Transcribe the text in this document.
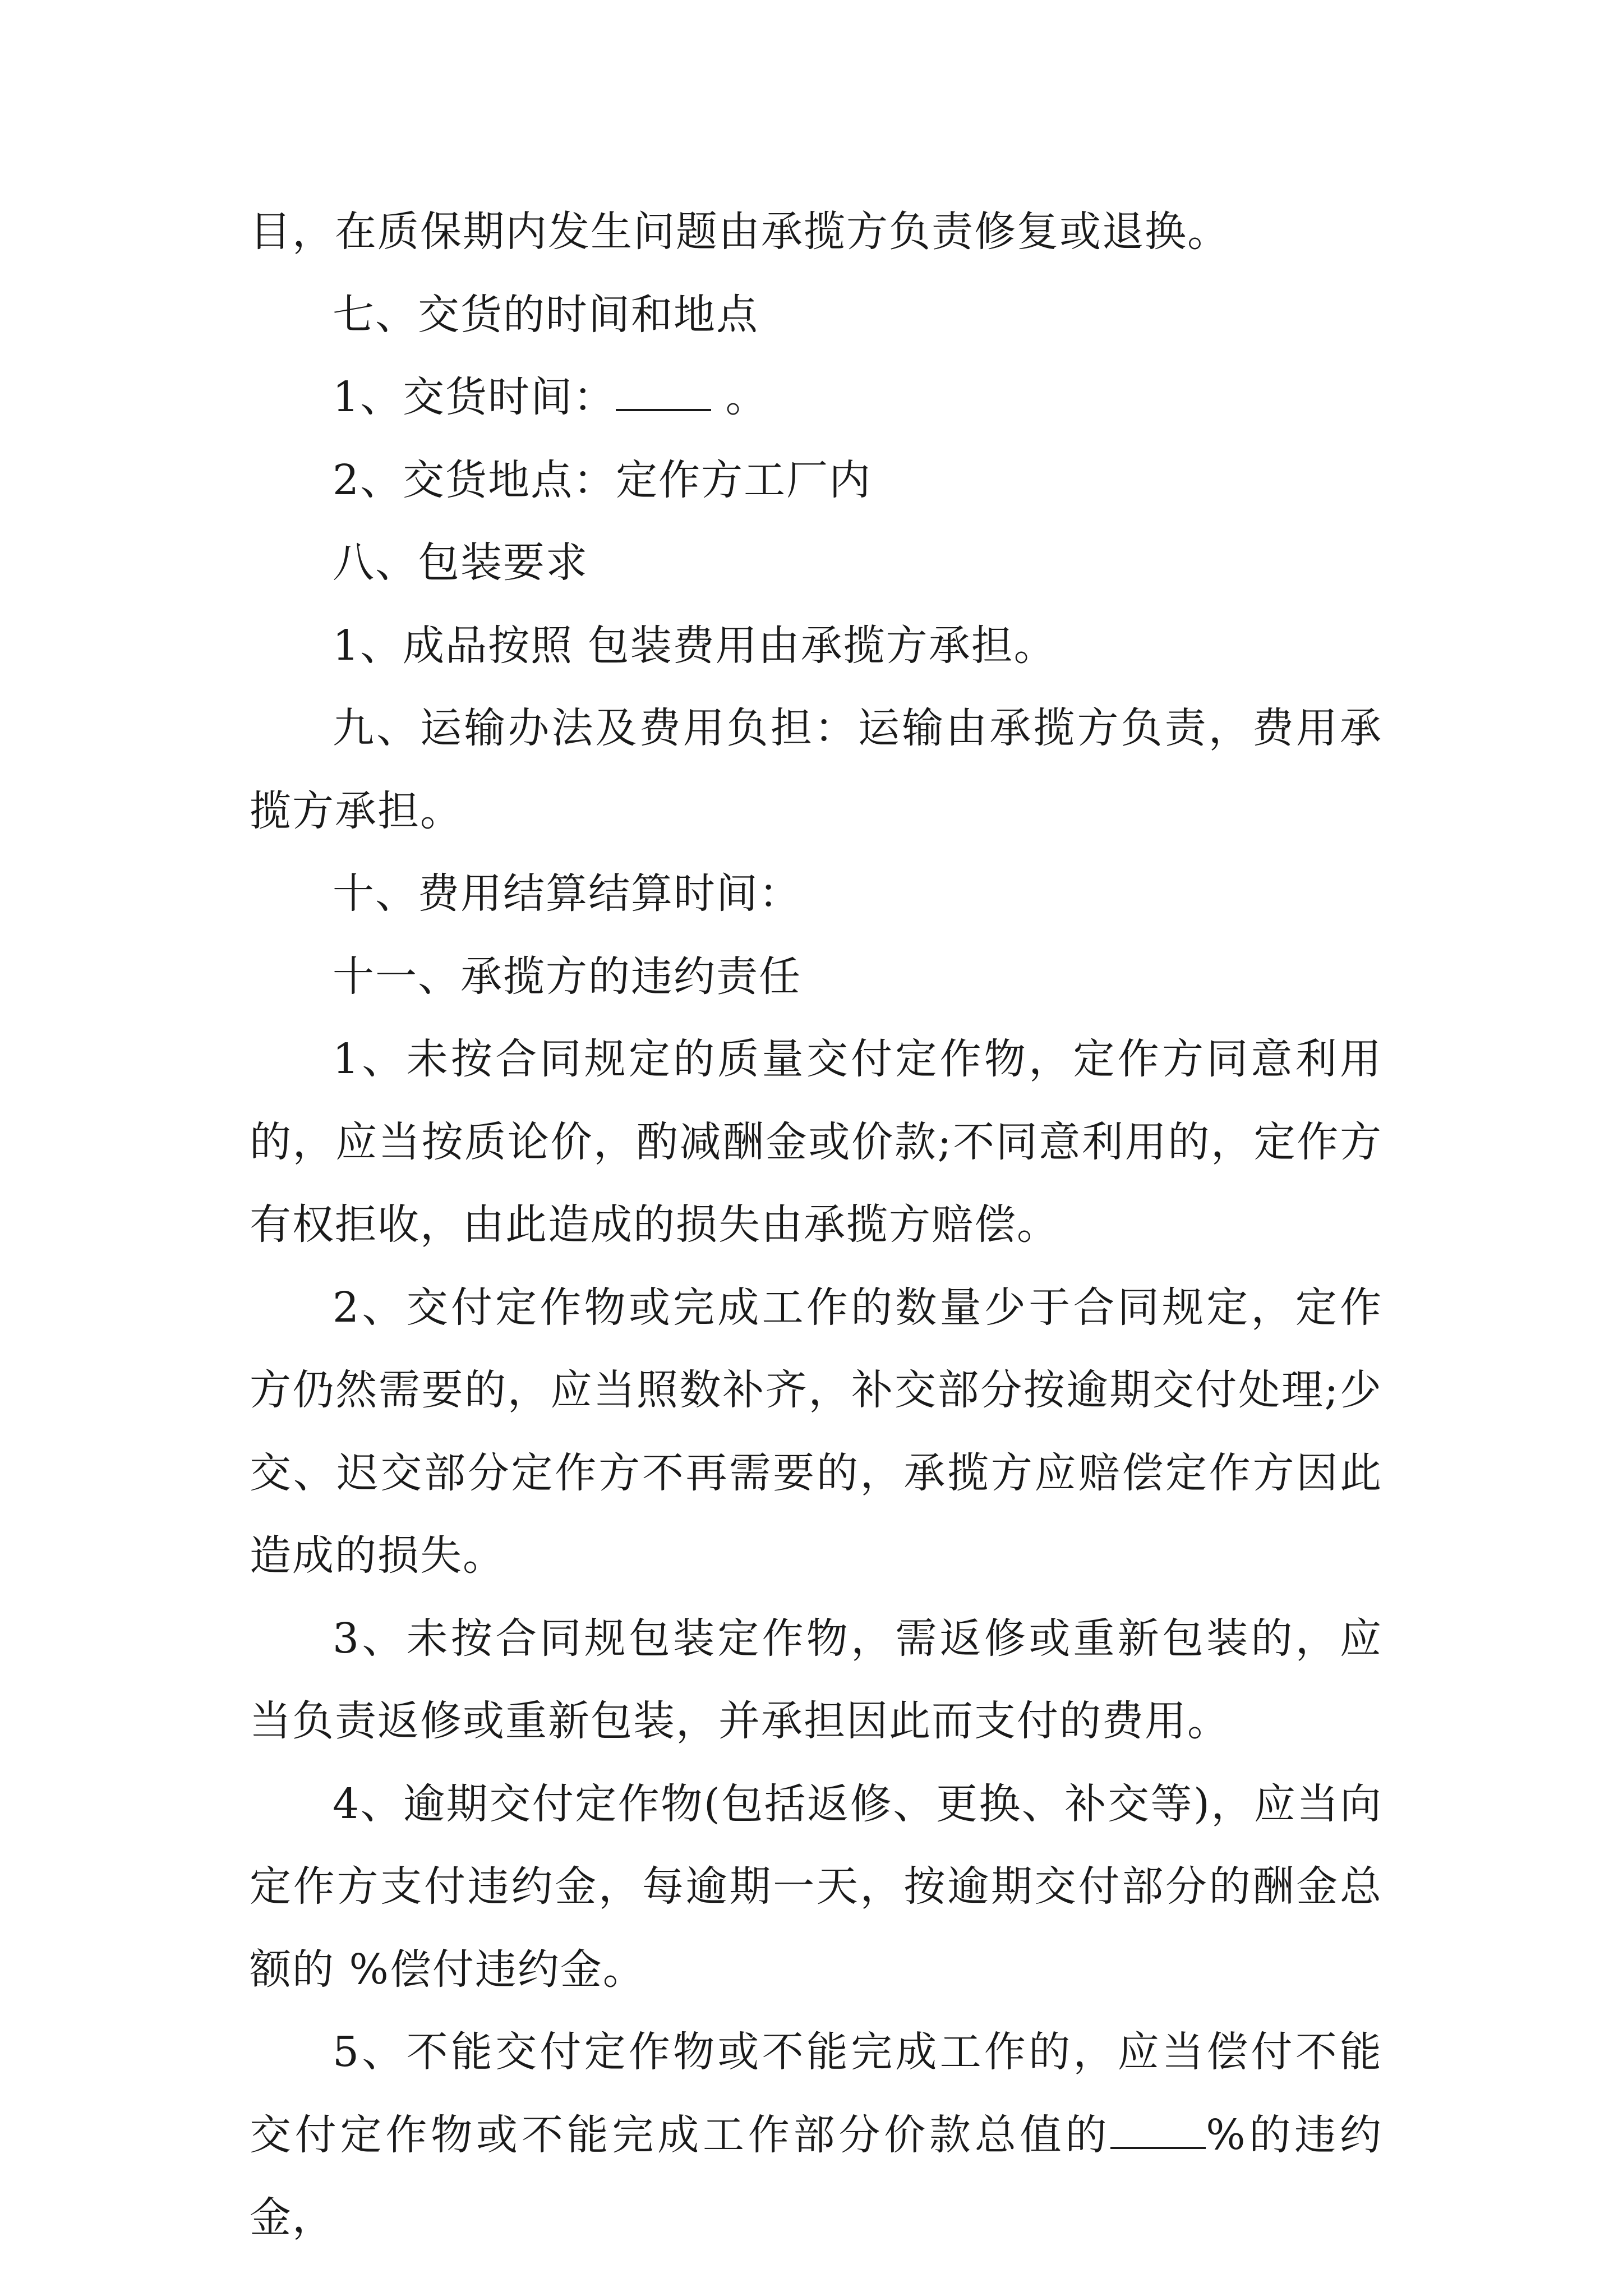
目，在质保期内发生问题由承揽方负责修复或退换。

七、交货的时间和地点

1、交货时间： 。

2、交货地点：定作方工厂内

八、包装要求

1、成品按照 包装费用由承揽方承担。

九、运输办法及费用负担：运输由承揽方负责，费用承揽方承担。

十、费用结算结算时间：

十一、承揽方的违约责任

1、未按合同规定的质量交付定作物，定作方同意利用的，应当按质论价，酌减酬金或价款;不同意利用的，定作方有权拒收，由此造成的损失由承揽方赔偿。

2、交付定作物或完成工作的数量少于合同规定，定作方仍然需要的，应当照数补齐，补交部分按逾期交付处理;少交、迟交部分定作方不再需要的，承揽方应赔偿定作方因此造成的损失。

3、未按合同规包装定作物，需返修或重新包装的，应当负责返修或重新包装，并承担因此而支付的费用。

4、逾期交付定作物(包括返修、更换、补交等)，应当向定作方支付违约金，每逾期一天，按逾期交付部分的酬金总额的 %偿付违约金。

5、不能交付定作物或不能完成工作的，应当偿付不能交付定作物或不能完成工作部分价款总值的 %的违约金，
